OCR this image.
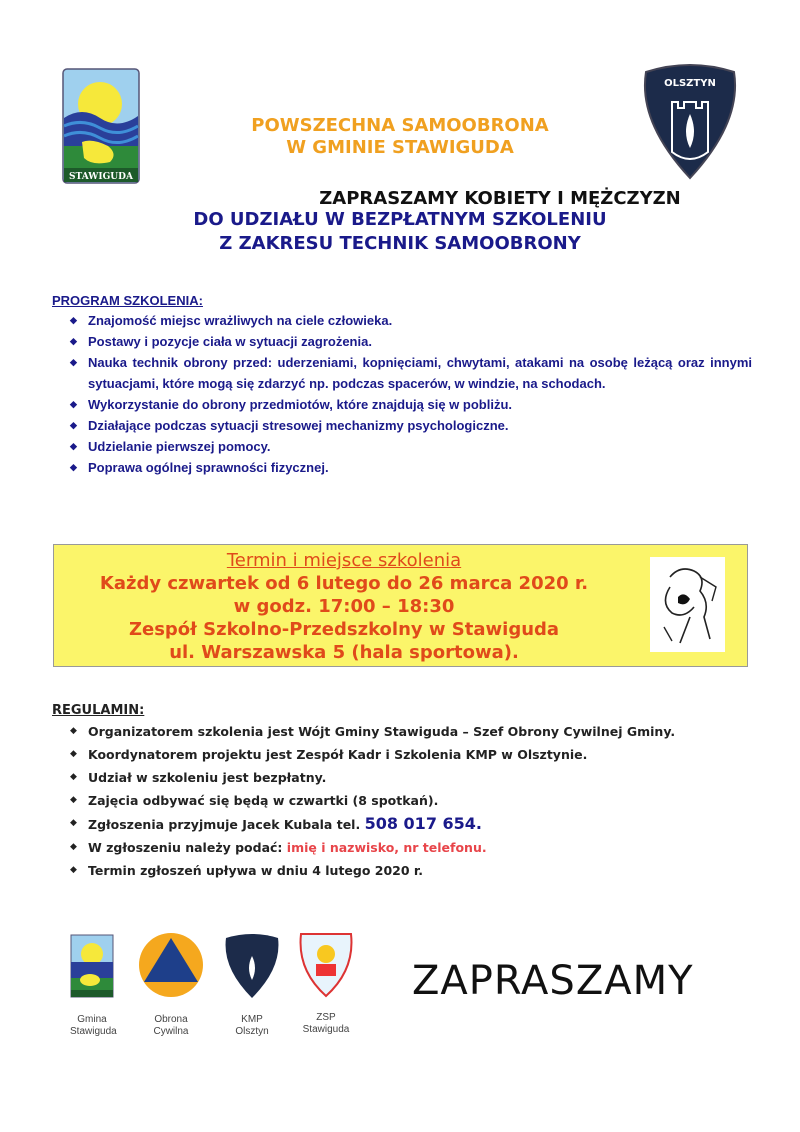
STAWIGUDA
OLSZTYN
POWSZECHNA SAMOOBRONA
W GMINIE STAWIGUDA
ZAPRASZAMY KOBIETY I MĘŻCZYZN
DO UDZIAŁU W BEZPŁATNYM SZKOLENIU
Z ZAKRESU TECHNIK SAMOOBRONY
PROGRAM SZKOLENIA:
◆ Znajomość miejsc wrażliwych na ciele człowieka.
◆ Postawy i pozycje ciała w sytuacji zagrożenia.
◆ Nauka technik obrony przed: uderzeniami, kopnięciami, chwytami, atakami na osobę leżącą oraz innymi sytuacjami, które mogą się zdarzyć np. podczas spacerów, w windzie, na schodach.
◆ Wykorzystanie do obrony przedmiotów, które znajdują się w pobliżu.
◆ Działające podczas sytuacji stresowej mechanizmy psychologiczne.
◆ Udzielanie pierwszej pomocy.
◆ Poprawa ogólnej sprawności fizycznej.
Termin i miejsce szkolenia
Każdy czwartek od 6 lutego do 26 marca 2020 r.
w godz. 17:00 – 18:30
Zespół Szkolno-Przedszkolny w Stawiguda
ul. Warszawska 5 (hala sportowa).
REGULAMIN:
◆ Organizatorem szkolenia jest Wójt Gminy Stawiguda – Szef Obrony Cywilnej Gminy.
◆ Koordynatorem projektu jest Zespół Kadr i Szkolenia KMP w Olsztynie.
◆ Udział w szkoleniu jest bezpłatny.
◆ Zajęcia odbywać się będą w czwartki (8 spotkań).
◆ Zgłoszenia przyjmuje Jacek Kubala tel. 508 017 654.
◆ W zgłoszeniu należy podać: imię i nazwisko, nr telefonu.
◆ Termin zgłoszeń upływa w dniu 4 lutego 2020 r.
Gmina
Stawiguda
Obrona
Cywilna
KMP
Olsztyn
ZSP
Stawiguda
ZAPRASZAMY
